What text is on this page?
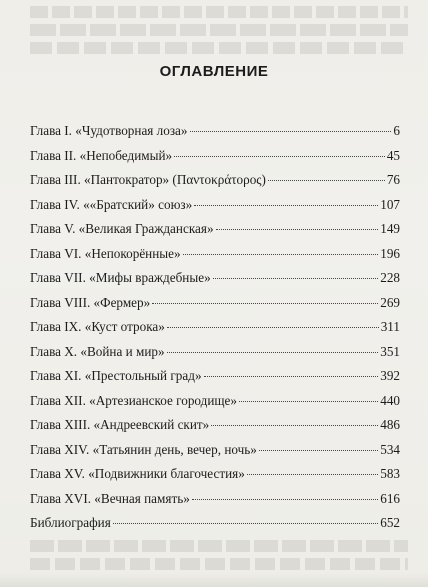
ОГЛАВЛЕНИЕ
Глава I. «Чудотворная лоза»	6
Глава II. «Непобедимый»	45
Глава III. «Пантократор» (Παντοκράτορος)	76
Глава IV. ««Братский» союз»	107
Глава V. «Великая Гражданская»	149
Глава VI. «Непокорённые»	196
Глава VII. «Мифы враждебные»	228
Глава VIII. «Фермер»	269
Глава IX. «Куст отрока»	311
Глава X. «Война и мир»	351
Глава XI. «Престольный град»	392
Глава XII. «Артезианское городище»	440
Глава XIII. «Андреевский скит»	486
Глава XIV. «Татьянин день, вечер, ночь»	534
Глава XV. «Подвижники благочестия»	583
Глава XVI. «Вечная память»	616
Библиография	652
